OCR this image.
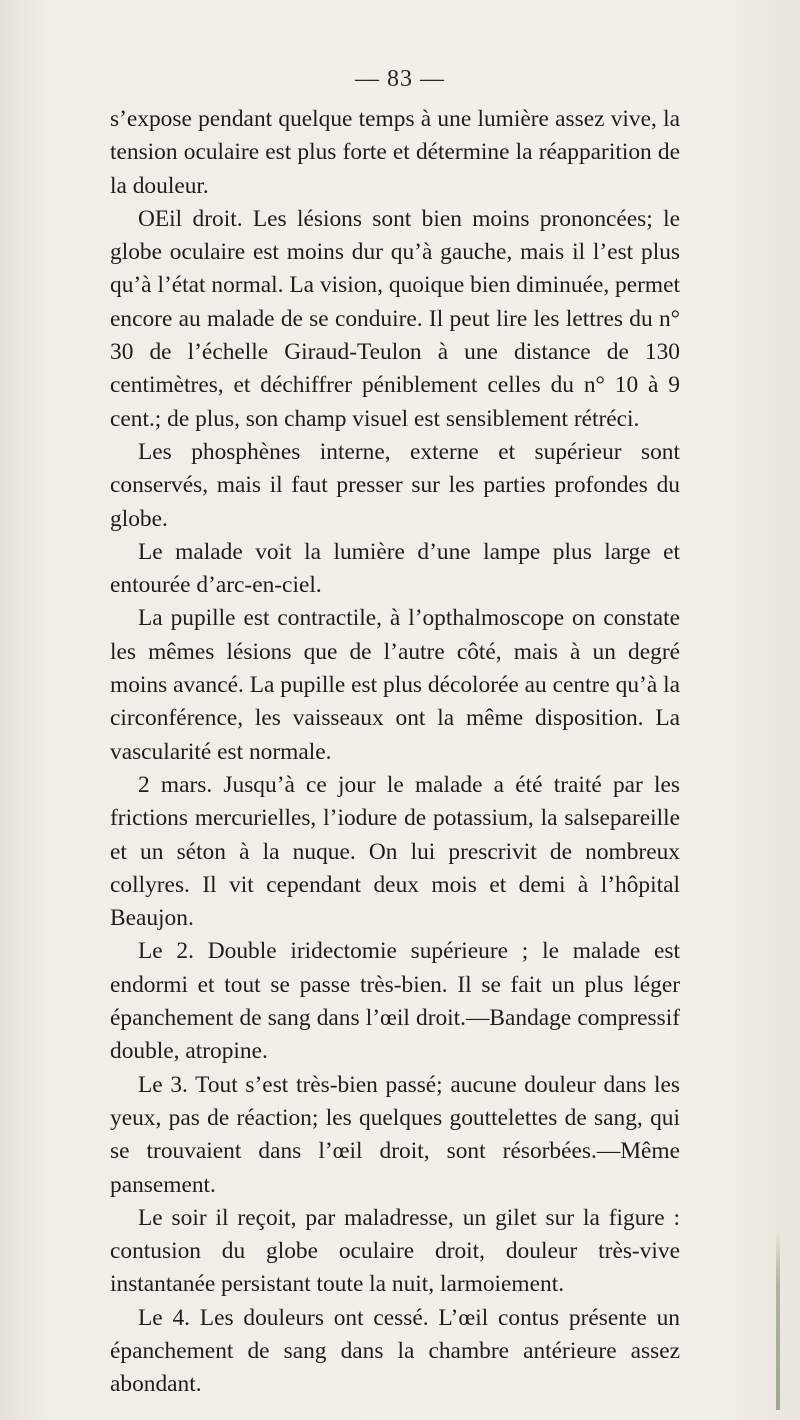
— 83 —

s’expose pendant quelque temps à une lumière assez vive, la tension oculaire est plus forte et détermine la réapparition de la douleur.

OEil droit. Les lésions sont bien moins prononcées; le globe oculaire est moins dur qu’à gauche, mais il l’est plus qu’à l’état normal. La vision, quoique bien diminuée, permet encore au malade de se conduire. Il peut lire les lettres du n° 30 de l’échelle Giraud-Teulon à une distance de 130 centimètres, et déchiffrer péniblement celles du n° 10 à 9 cent.; de plus, son champ visuel est sensiblement rétréci.

Les phosphènes interne, externe et supérieur sont conservés, mais il faut presser sur les parties profondes du globe.

Le malade voit la lumière d’une lampe plus large et entourée d’arc-en-ciel.

La pupille est contractile, à l’opthalmoscope on constate les mêmes lésions que de l’autre côté, mais à un degré moins avancé. La pupille est plus décolorée au centre qu’à la circonférence, les vaisseaux ont la même disposition. La vascularité est normale.

2 mars. Jusqu’à ce jour le malade a été traité par les frictions mercurielles, l’iodure de potassium, la salsepareille et un séton à la nuque. On lui prescrivit de nombreux collyres. Il vit cependant deux mois et demi à l’hôpital Beaujon.

Le 2. Double iridectomie supérieure ; le malade est endormi et tout se passe très-bien. Il se fait un plus léger épanchement de sang dans l’œil droit.—Bandage compressif double, atropine.

Le 3. Tout s’est très-bien passé; aucune douleur dans les yeux, pas de réaction; les quelques gouttelettes de sang, qui se trouvaient dans l’œil droit, sont résorbées.—Même pansement.

Le soir il reçoit, par maladresse, un gilet sur la figure : contusion du globe oculaire droit, douleur très-vive instantanée persistant toute la nuit, larmoiement.

Le 4. Les douleurs ont cessé. L’œil contus présente un épanchement de sang dans la chambre antérieure assez abondant.
